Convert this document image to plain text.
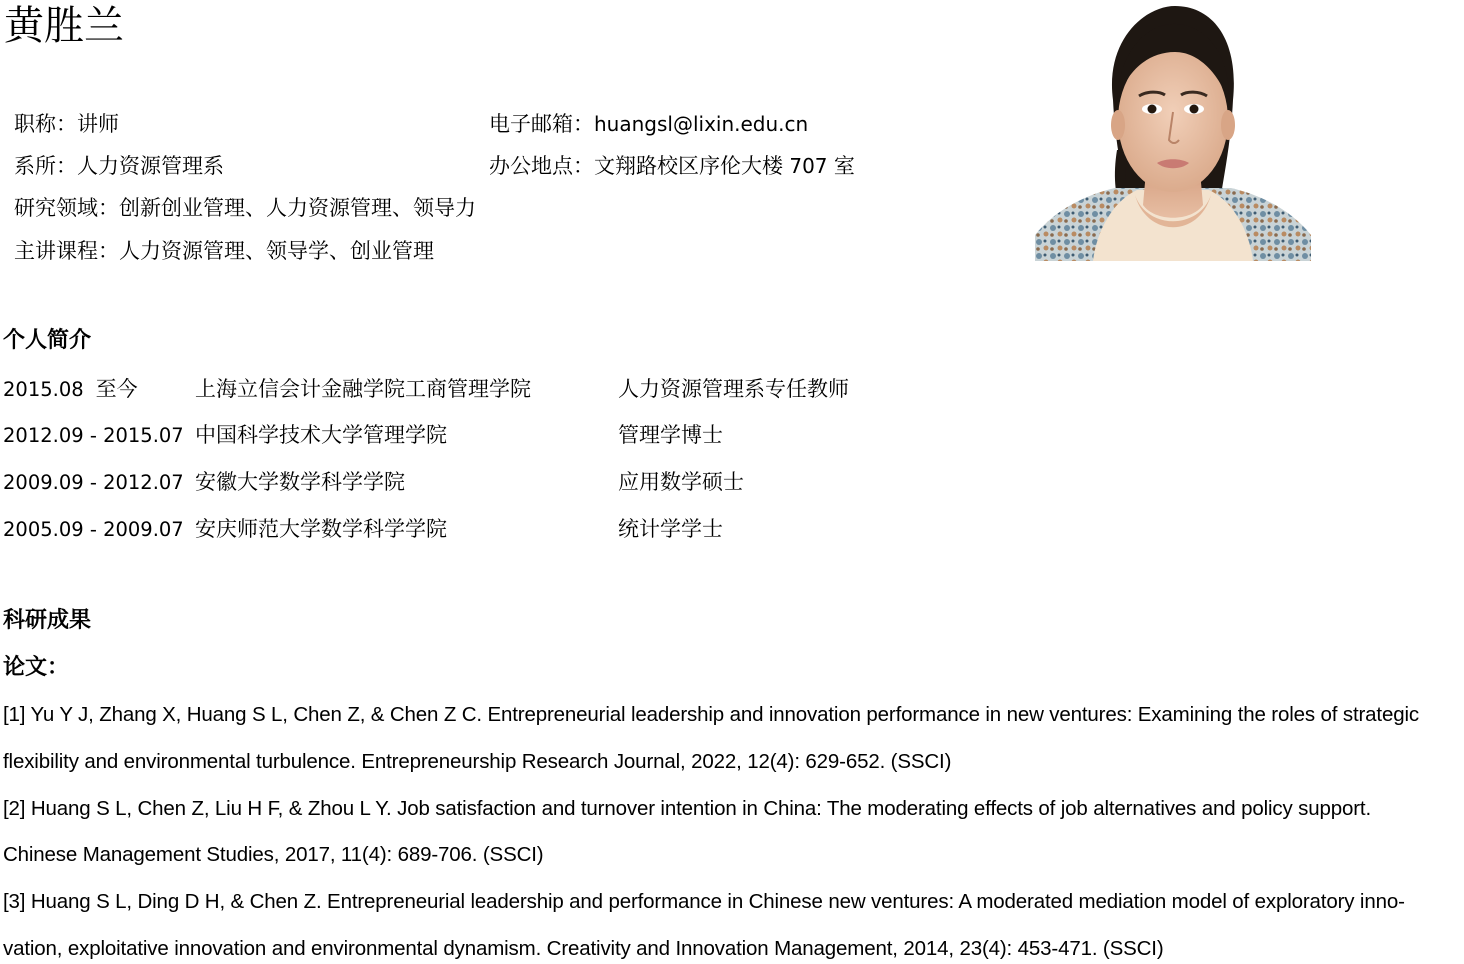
黄胜兰
职称：讲师	电子邮箱：huangsl@lixin.edu.cn
系所：人力资源管理系	办公地点：文翔路校区序伦大楼 707 室
研究领域：创新创业管理、人力资源管理、领导力
主讲课程：人力资源管理、领导学、创业管理
个人简介
2015.08 至今	上海立信会计金融学院工商管理学院	人力资源管理系专任教师
2012.09 - 2015.07 中国科学技术大学管理学院	管理学博士
2009.09 - 2012.07 安徽大学数学科学学院	应用数学硕士
2005.09 - 2009.07 安庆师范大学数学科学学院	统计学学士
科研成果
论文：
[1] Yu Y J, Zhang X, Huang S L, Chen Z, & Chen Z C. Entrepreneurial leadership and innovation performance in new ventures: Examining the roles of strategic
flexibility and environmental turbulence. Entrepreneurship Research Journal, 2022, 12(4): 629-652. (SSCI)
[2] Huang S L, Chen Z, Liu H F, & Zhou L Y. Job satisfaction and turnover intention in China: The moderating effects of job alternatives and policy support.
Chinese Management Studies, 2017, 11(4): 689-706. (SSCI)
[3] Huang S L, Ding D H, & Chen Z. Entrepreneurial leadership and performance in Chinese new ventures: A moderated mediation model of exploratory inno-
vation, exploitative innovation and environmental dynamism. Creativity and Innovation Management, 2014, 23(4): 453-471. (SSCI)
